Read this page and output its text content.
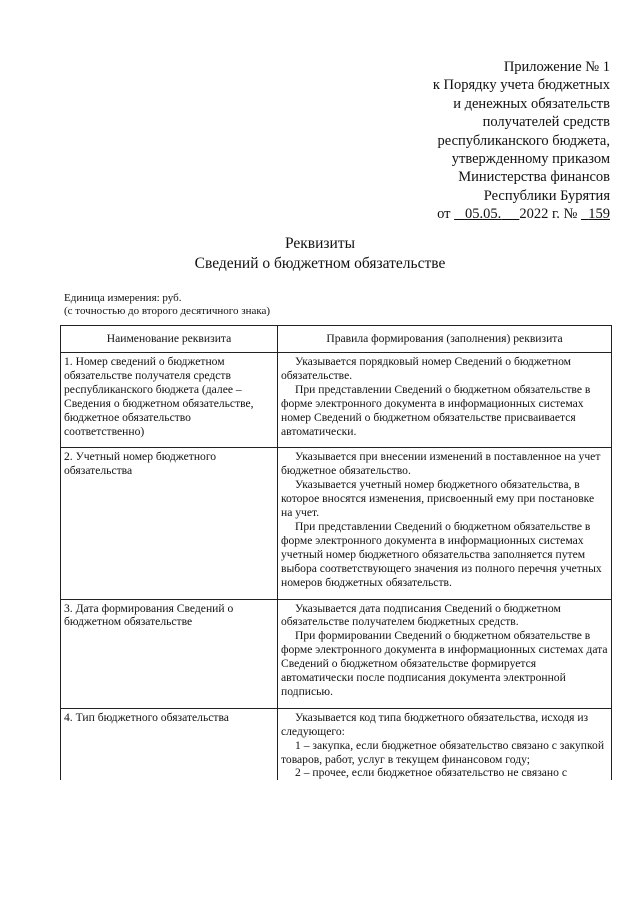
Приложение № 1
к Порядку учета бюджетных
и денежных обязательств
получателей средств
республиканского бюджета,
утвержденному приказом
Министерства финансов
Республики Бурятия
от 05.05. 2022 г. № 159
Реквизиты
Сведений о бюджетном обязательстве
Единица измерения: руб.
(с точностью до второго десятичного знака)
Наименование реквизита	Правила формирования (заполнения) реквизита
1. Номер сведений о бюджетном обязательстве получателя средств республиканского бюджета (далее – Сведения о бюджетном обязательстве, бюджетное обязательство соответственно)	Указывается порядковый номер Сведений о бюджетном обязательстве.

При представлении Сведений о бюджетном обязательстве в форме электронного документа в информационных системах номер Сведений о бюджетном обязательстве присваивается автоматически.

2. Учетный номер бюджетного обязательства	Указывается при внесении изменений в поставленное на учет бюджетное обязательство.

Указывается учетный номер бюджетного обязательства, в которое вносятся изменения, присвоенный ему при постановке на учет.

При представлении Сведений о бюджетном обязательстве в форме электронного документа в информационных системах учетный номер бюджетного обязательства заполняется путем выбора соответствующего значения из полного перечня учетных номеров бюджетных обязательств.

3. Дата формирования Сведений о бюджетном обязательстве	Указывается дата подписания Сведений о бюджетном обязательстве получателем бюджетных средств.

При формировании Сведений о бюджетном обязательстве в форме электронного документа в информационных системах дата Сведений о бюджетном обязательстве формируется автоматически после подписания документа электронной подписью.

4. Тип бюджетного обязательства	Указывается код типа бюджетного обязательства, исходя из следующего:

1 – закупка, если бюджетное обязательство связано с закупкой товаров, работ, услуг в текущем финансовом году;

2 – прочее, если бюджетное обязательство не связано с
